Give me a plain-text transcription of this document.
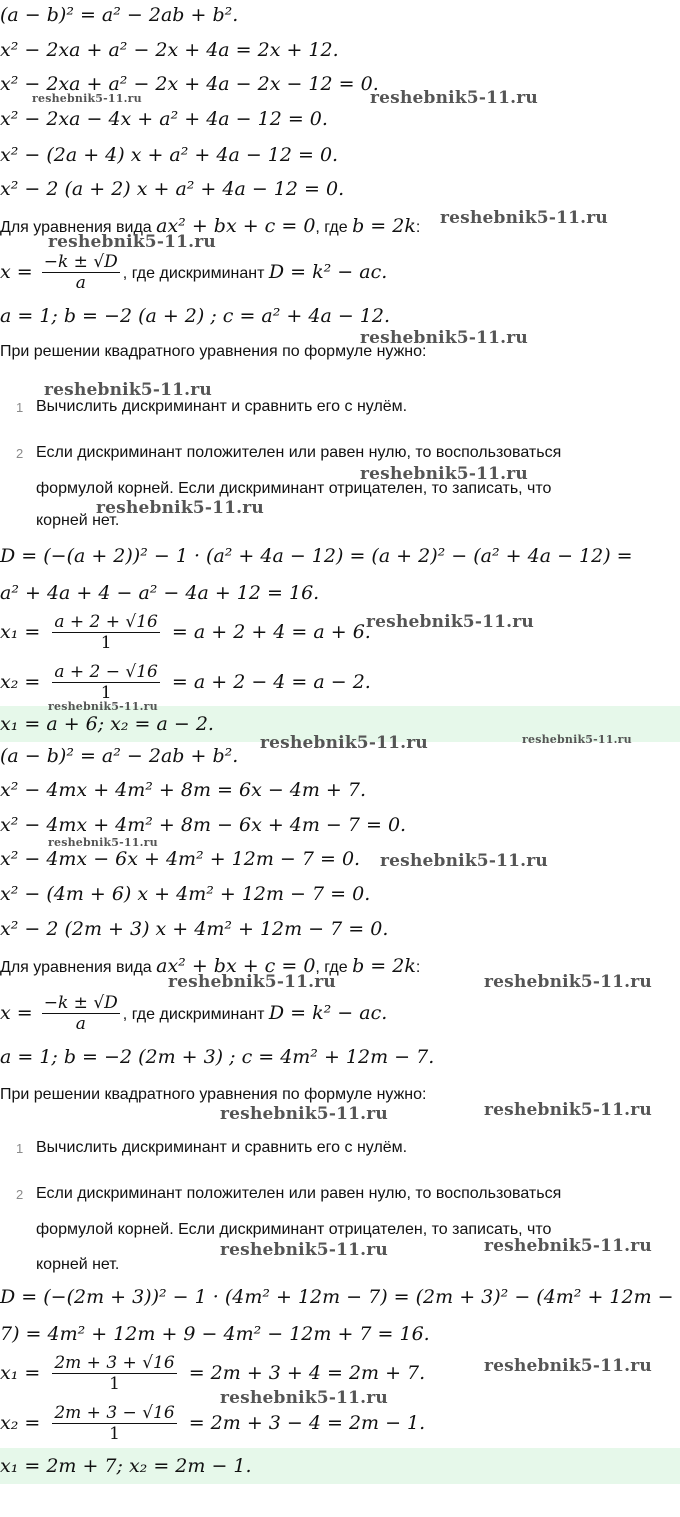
(a − b)² = a² − 2ab + b².
x² − 2xa + a² − 2x + 4a = 2x + 12.
x² − 2xa + a² − 2x + 4a − 2x − 12 = 0.
x² − 2xa − 4x + a² + 4a − 12 = 0.
x² − (2a + 4) x + a² + 4a − 12 = 0.
x² − 2 (a + 2) x + a² + 4a − 12 = 0.
Для уравнения вида ax² + bx + c = 0, где b = 2k:
$x = \frac{-k \pm √D}{a}$ , где дискриминант D = k² − ac.
a = 1; b = −2 (a + 2) ; c = a² + 4a − 12.
При решении квадратного уравнения по формуле нужно:
1 Вычислить дискриминант и сравнить его с нулём.
2 Если дискриминант положителен или равен нулю, то воспользоваться
формулой корней. Если дискриминант отрицателен, то записать, что
корней нет.
D = (−(a + 2))² − 1 · (a² + 4a − 12) = (a + 2)² − (a² + 4a − 12) =
a² + 4a + 4 − a² − 4a + 12 = 16.
$x_1 = \frac{a + 2 + √16}{1} = a + 2 + 4 = a + 6$.
$x_2 = \frac{a + 2 - √16}{1} = a + 2 - 4 = a - 2$.
x₁ = a + 6; x₂ = a − 2.
(a − b)² = a² − 2ab + b².
x² − 4mx + 4m² + 8m = 6x − 4m + 7.
x² − 4mx + 4m² + 8m − 6x + 4m − 7 = 0.
x² − 4mx − 6x + 4m² + 12m − 7 = 0.
x² − (4m + 6) x + 4m² + 12m − 7 = 0.
x² − 2 (2m + 3) x + 4m² + 12m − 7 = 0.
Для уравнения вида ax² + bx + c = 0, где b = 2k:
$x = \frac{-k \pm √D}{a}$ , где дискриминант D = k² − ac.
a = 1; b = −2 (2m + 3) ; c = 4m² + 12m − 7.
При решении квадратного уравнения по формуле нужно:
1 Вычислить дискриминант и сравнить его с нулём.
2 Если дискриминант положителен или равен нулю, то воспользоваться
формулой корней. Если дискриминант отрицателен, то записать, что
корней нет.
D = (−(2m + 3))² − 1 · (4m² + 12m − 7) = (2m + 3)² − (4m² + 12m −
7) = 4m² + 12m + 9 − 4m² − 12m + 7 = 16.
$x_1 = \frac{2m + 3 + √16}{1} = 2m + 3 + 4 = 2m + 7$.
$x_2 = \frac{2m + 3 - √16}{1} = 2m + 3 - 4 = 2m - 1$.
x₁ = 2m + 7; x₂ = 2m − 1.
reshebnik5-11.ru	reshebnik5-11.ru
reshebnik5-11.ru
reshebnik5-11.ru
reshebnik5-11.ru
reshebnik5-11.ru
reshebnik5-11.ru
reshebnik5-11.ru
reshebnik5-11.ru
reshebnik5-11.ru
reshebnik5-11.ru	reshebnik5-11.ru
reshebnik5-11.ru
reshebnik5-11.ru
reshebnik5-11.ru	reshebnik5-11.ru
reshebnik5-11.ru	reshebnik5-11.ru
reshebnik5-11.ru	reshebnik5-11.ru
reshebnik5-11.ru
reshebnik5-11.ru
